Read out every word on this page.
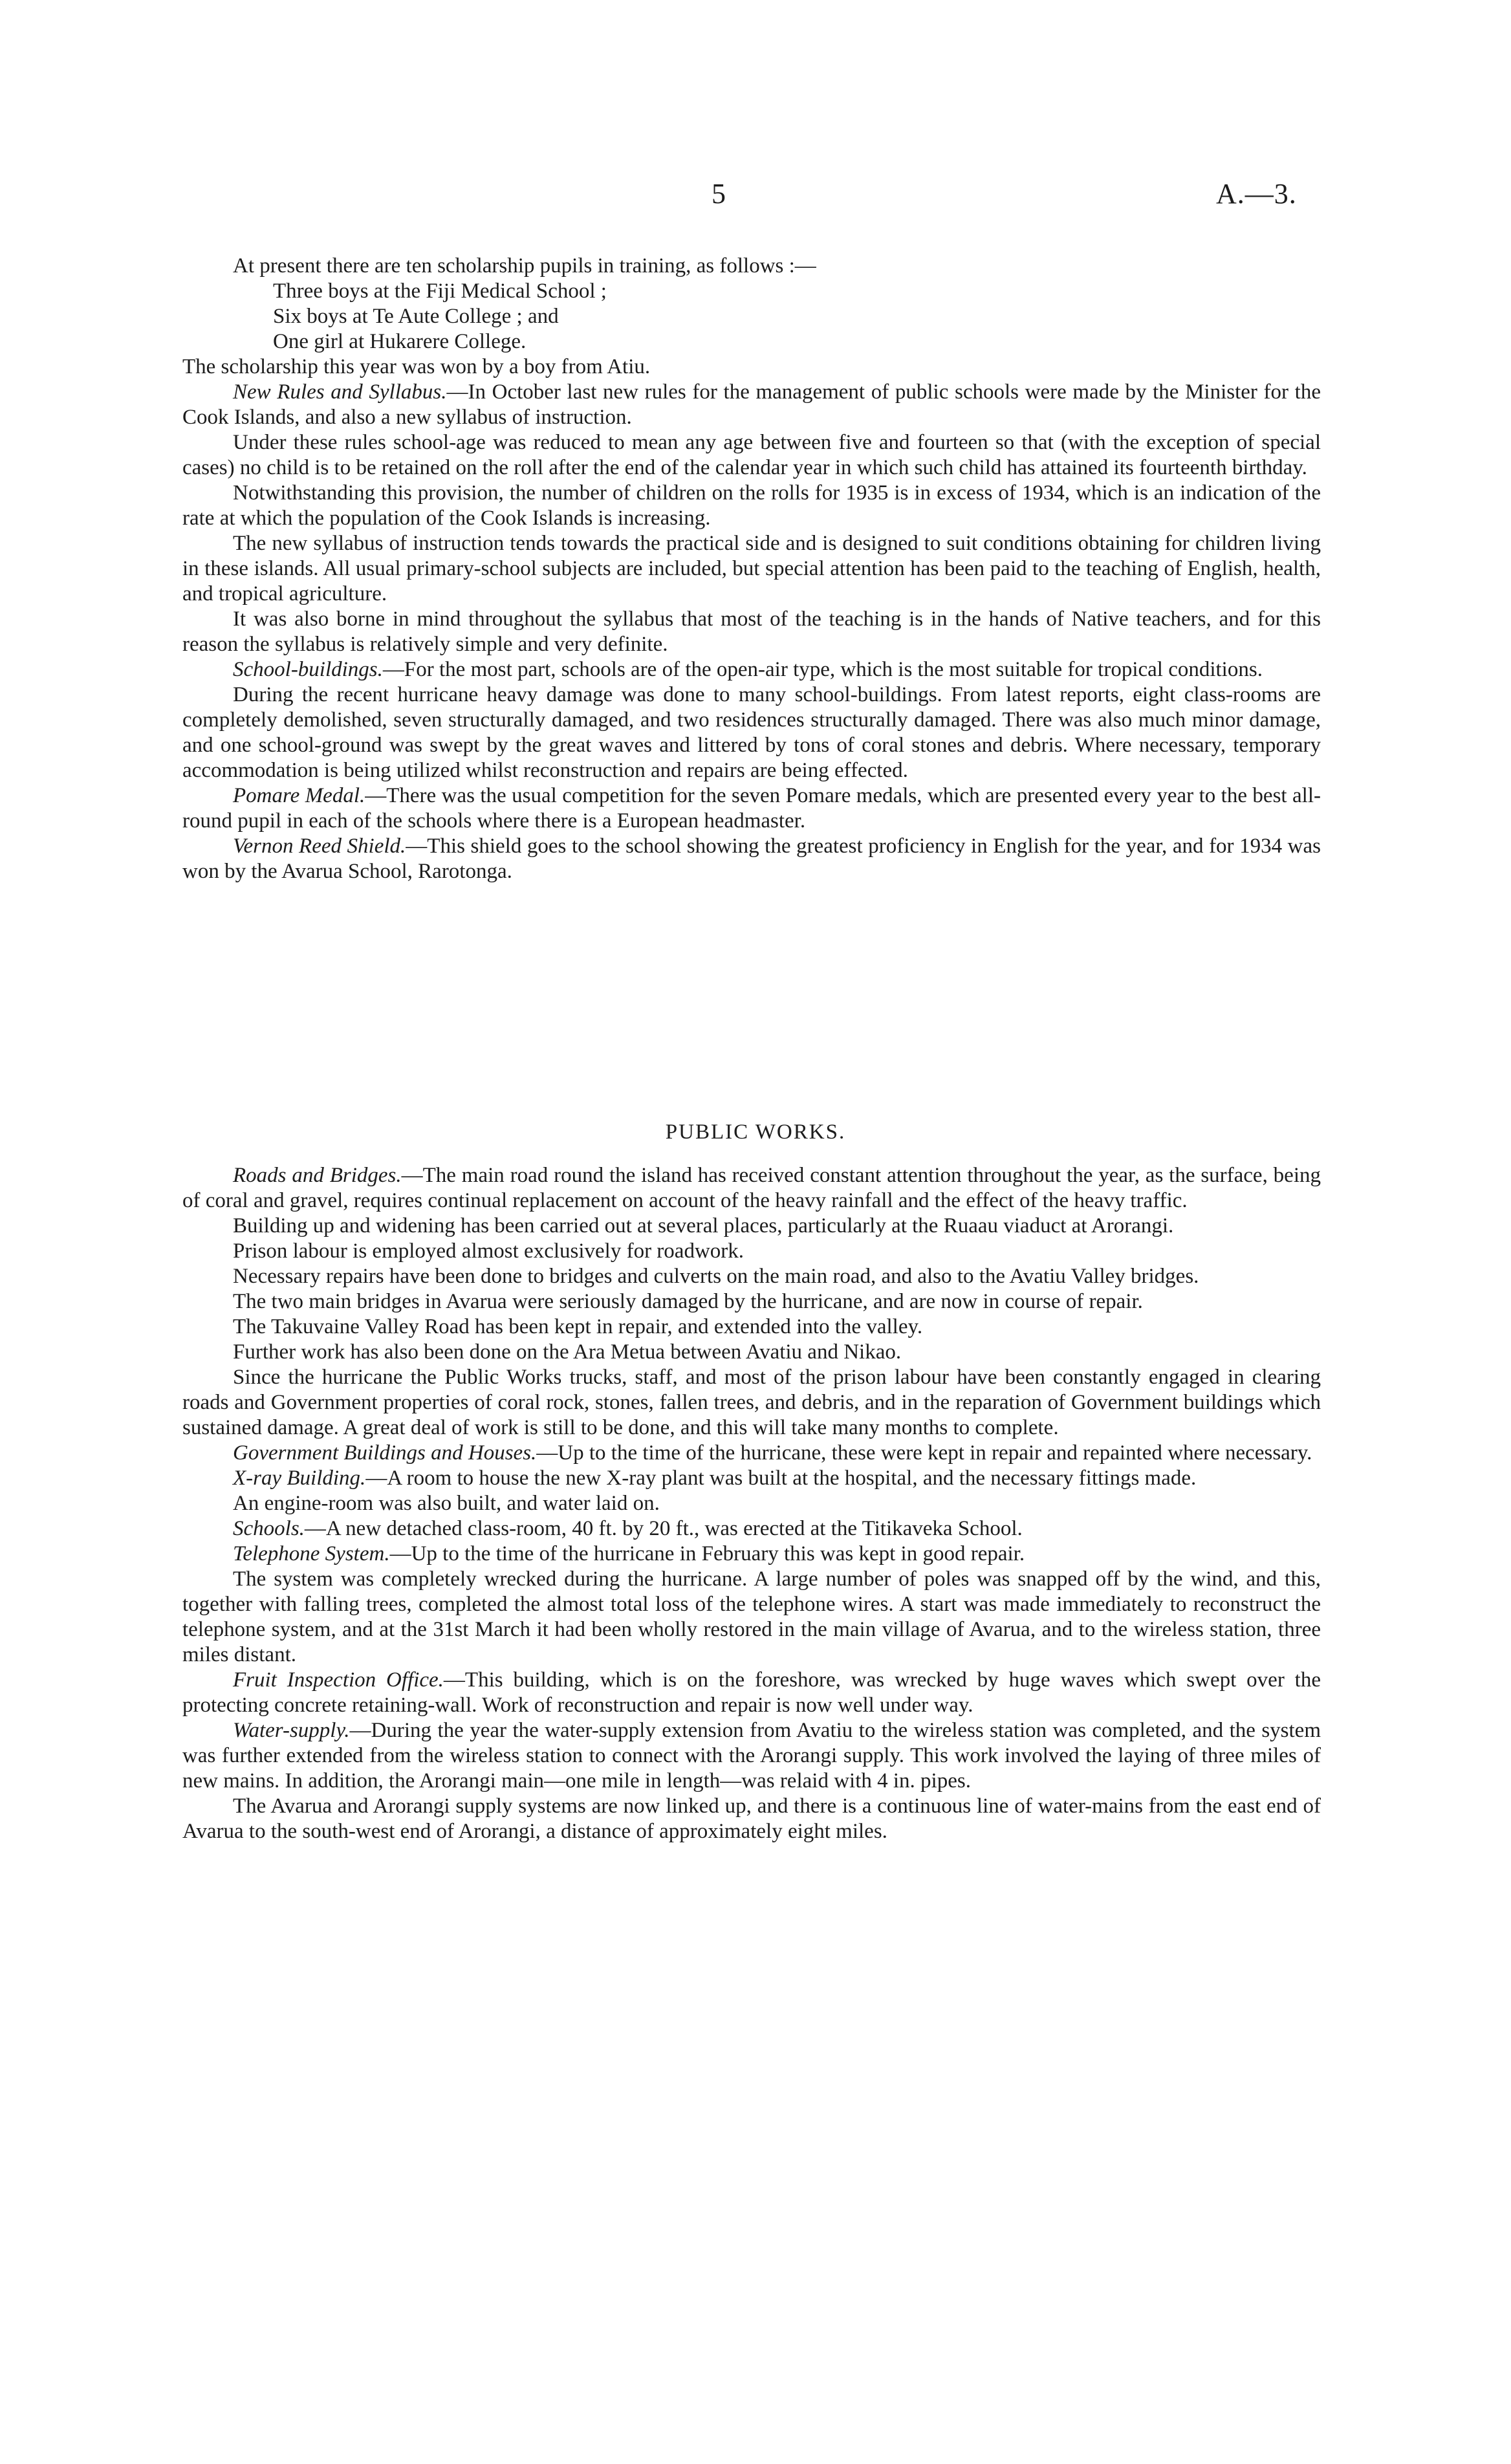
5	A.—3.

At present there are ten scholarship pupils in training, as follows :—

Three boys at the Fiji Medical School ;
Six boys at Te Aute College ; and
One girl at Hukarere College.

The scholarship this year was won by a boy from Atiu.

New Rules and Syllabus.—In October last new rules for the management of public schools were made by the Minister for the Cook Islands, and also a new syllabus of instruction.

Under these rules school-age was reduced to mean any age between five and fourteen so that (with the exception of special cases) no child is to be retained on the roll after the end of the calendar year in which such child has attained its fourteenth birthday.

Notwithstanding this provision, the number of children on the rolls for 1935 is in excess of 1934, which is an indication of the rate at which the population of the Cook Islands is increasing.

The new syllabus of instruction tends towards the practical side and is designed to suit conditions obtaining for children living in these islands. All usual primary-school subjects are included, but special attention has been paid to the teaching of English, health, and tropical agriculture.

It was also borne in mind throughout the syllabus that most of the teaching is in the hands of Native teachers, and for this reason the syllabus is relatively simple and very definite.

School-buildings.—For the most part, schools are of the open-air type, which is the most suitable for tropical conditions.

During the recent hurricane heavy damage was done to many school-buildings. From latest reports, eight class-rooms are completely demolished, seven structurally damaged, and two residences structurally damaged. There was also much minor damage, and one school-ground was swept by the great waves and littered by tons of coral stones and debris. Where necessary, temporary accommodation is being utilized whilst reconstruction and repairs are being effected.

Pomare Medal.—There was the usual competition for the seven Pomare medals, which are presented every year to the best all-round pupil in each of the schools where there is a European headmaster.

Vernon Reed Shield.—This shield goes to the school showing the greatest proficiency in English for the year, and for 1934 was won by the Avarua School, Rarotonga.

PUBLIC WORKS.

Roads and Bridges.—The main road round the island has received constant attention throughout the year, as the surface, being of coral and gravel, requires continual replacement on account of the heavy rainfall and the effect of the heavy traffic.

Building up and widening has been carried out at several places, particularly at the Ruaau viaduct at Arorangi.

Prison labour is employed almost exclusively for roadwork.

Necessary repairs have been done to bridges and culverts on the main road, and also to the Avatiu Valley bridges.

The two main bridges in Avarua were seriously damaged by the hurricane, and are now in course of repair.

The Takuvaine Valley Road has been kept in repair, and extended into the valley.

Further work has also been done on the Ara Metua between Avatiu and Nikao.

Since the hurricane the Public Works trucks, staff, and most of the prison labour have been constantly engaged in clearing roads and Government properties of coral rock, stones, fallen trees, and debris, and in the reparation of Government buildings which sustained damage. A great deal of work is still to be done, and this will take many months to complete.

Government Buildings and Houses.—Up to the time of the hurricane, these were kept in repair and repainted where necessary.

X-ray Building.—A room to house the new X-ray plant was built at the hospital, and the necessary fittings made.

An engine-room was also built, and water laid on.

Schools.—A new detached class-room, 40 ft. by 20 ft., was erected at the Titikaveka School.

Telephone System.—Up to the time of the hurricane in February this was kept in good repair.

The system was completely wrecked during the hurricane. A large number of poles was snapped off by the wind, and this, together with falling trees, completed the almost total loss of the telephone wires. A start was made immediately to reconstruct the telephone system, and at the 31st March it had been wholly restored in the main village of Avarua, and to the wireless station, three miles distant.

Fruit Inspection Office.—This building, which is on the foreshore, was wrecked by huge waves which swept over the protecting concrete retaining-wall. Work of reconstruction and repair is now well under way.

Water-supply.—During the year the water-supply extension from Avatiu to the wireless station was completed, and the system was further extended from the wireless station to connect with the Arorangi supply. This work involved the laying of three miles of new mains. In addition, the Arorangi main—one mile in length—was relaid with 4 in. pipes.

The Avarua and Arorangi supply systems are now linked up, and there is a continuous line of water-mains from the east end of Avarua to the south-west end of Arorangi, a distance of approximately eight miles.
